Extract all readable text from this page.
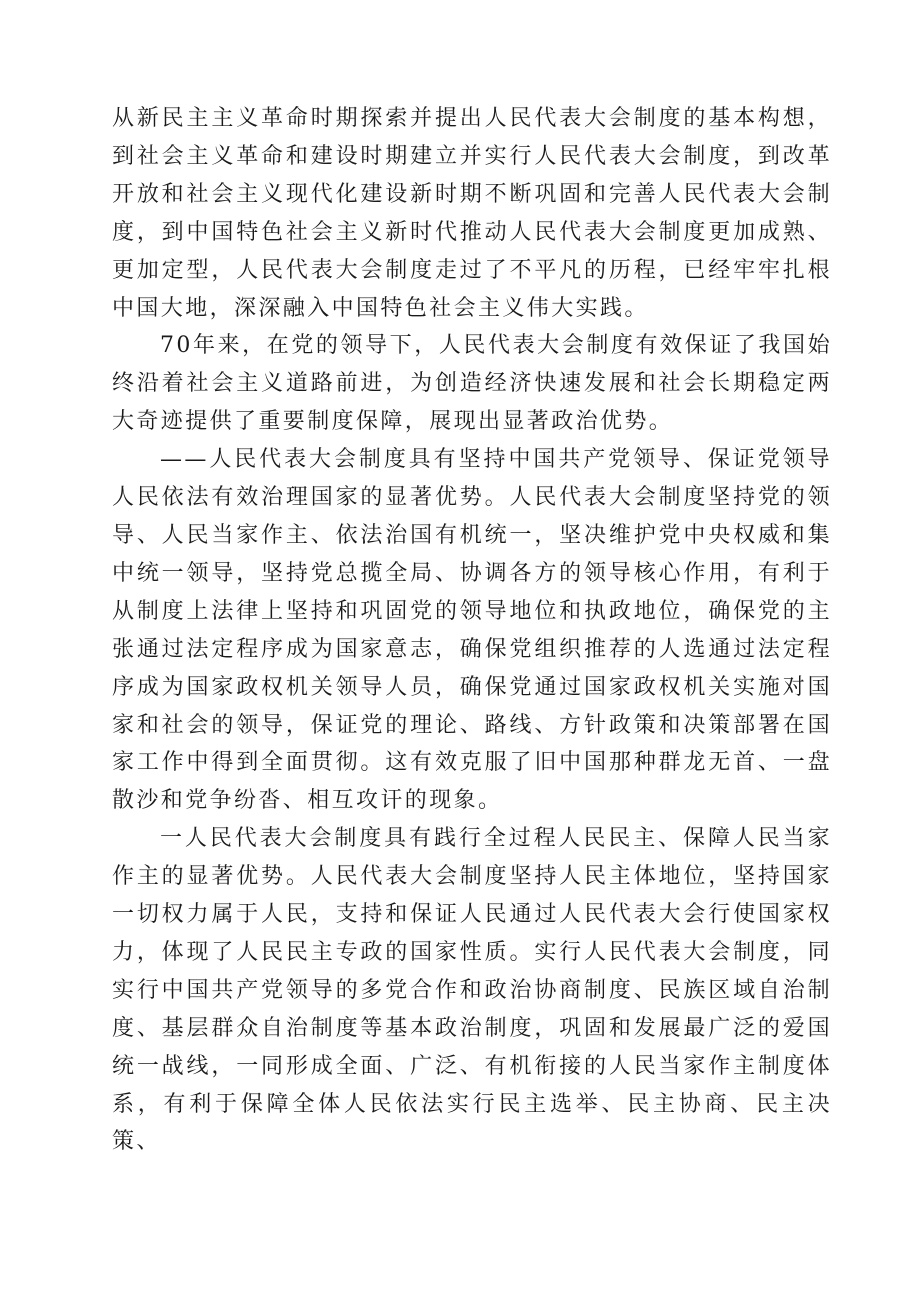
从新民主主义革命时期探索并提出人民代表大会制度的基本构想，到社会主义革命和建设时期建立并实行人民代表大会制度，到改革开放和社会主义现代化建设新时期不断巩固和完善人民代表大会制度，到中国特色社会主义新时代推动人民代表大会制度更加成熟、更加定型，人民代表大会制度走过了不平凡的历程，已经牢牢扎根中国大地，深深融入中国特色社会主义伟大实践。

70年来，在党的领导下，人民代表大会制度有效保证了我国始终沿着社会主义道路前进，为创造经济快速发展和社会长期稳定两大奇迹提供了重要制度保障，展现出显著政治优势。

——人民代表大会制度具有坚持中国共产党领导、保证党领导人民依法有效治理国家的显著优势。人民代表大会制度坚持党的领导、人民当家作主、依法治国有机统一，坚决维护党中央权威和集中统一领导，坚持党总揽全局、协调各方的领导核心作用，有利于从制度上法律上坚持和巩固党的领导地位和执政地位，确保党的主张通过法定程序成为国家意志，确保党组织推荐的人选通过法定程序成为国家政权机关领导人员，确保党通过国家政权机关实施对国家和社会的领导，保证党的理论、路线、方针政策和决策部署在国家工作中得到全面贯彻。这有效克服了旧中国那种群龙无首、一盘散沙和党争纷沓、相互攻讦的现象。

一人民代表大会制度具有践行全过程人民民主、保障人民当家作主的显著优势。人民代表大会制度坚持人民主体地位，坚持国家一切权力属于人民，支持和保证人民通过人民代表大会行使国家权力，体现了人民民主专政的国家性质。实行人民代表大会制度，同实行中国共产党领导的多党合作和政治协商制度、民族区域自治制度、基层群众自治制度等基本政治制度，巩固和发展最广泛的爱国统一战线，一同形成全面、广泛、有机衔接的人民当家作主制度体系，有利于保障全体人民依法实行民主选举、民主协商、民主决策、
